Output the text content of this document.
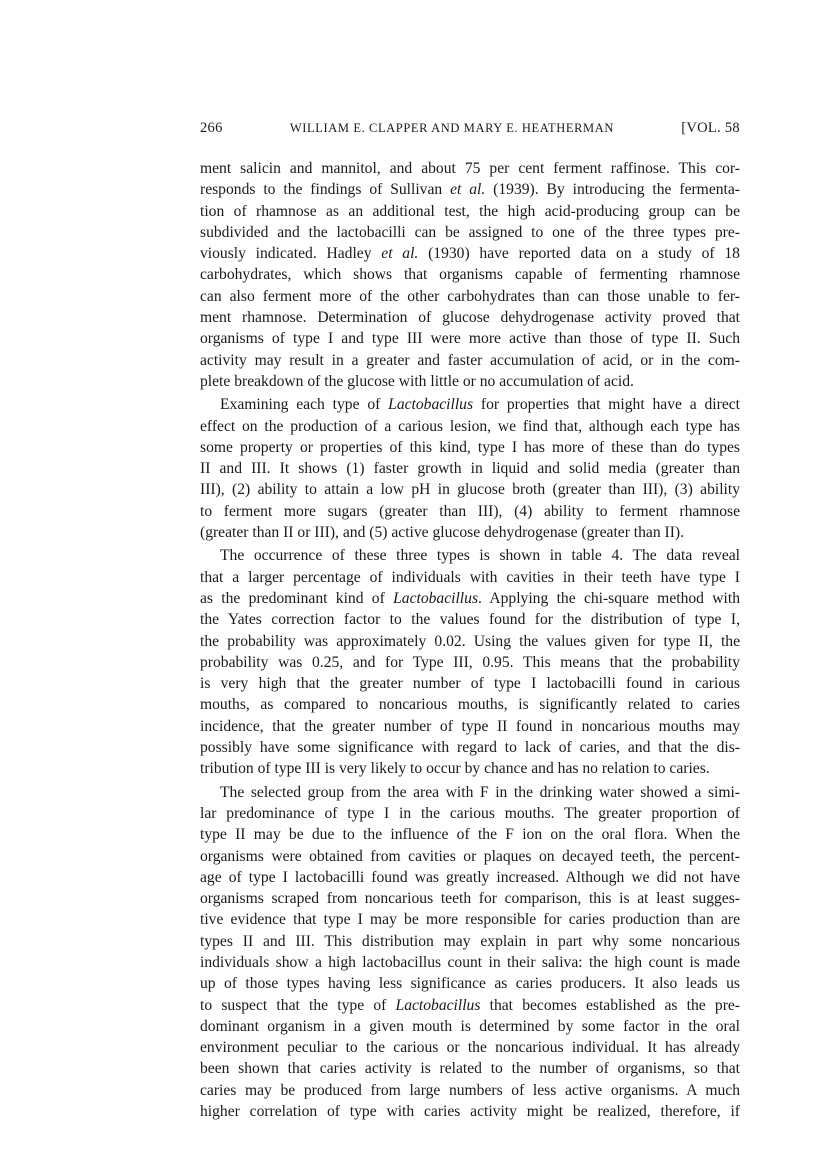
266	WILLIAM E. CLAPPER AND MARY E. HEATHERMAN	[VOL. 58

ment salicin and mannitol, and about 75 per cent ferment raffinose. This cor-
responds to the findings of Sullivan et al. (1939). By introducing the fermenta-
tion of rhamnose as an additional test, the high acid-producing group can be
subdivided and the lactobacilli can be assigned to one of the three types pre-
viously indicated. Hadley et al. (1930) have reported data on a study of 18
carbohydrates, which shows that organisms capable of fermenting rhamnose
can also ferment more of the other carbohydrates than can those unable to fer-
ment rhamnose. Determination of glucose dehydrogenase activity proved that
organisms of type I and type III were more active than those of type II. Such
activity may result in a greater and faster accumulation of acid, or in the com-
plete breakdown of the glucose with little or no accumulation of acid.

Examining each type of Lactobacillus for properties that might have a direct
effect on the production of a carious lesion, we find that, although each type has
some property or properties of this kind, type I has more of these than do types
II and III. It shows (1) faster growth in liquid and solid media (greater than
III), (2) ability to attain a low pH in glucose broth (greater than III), (3) ability
to ferment more sugars (greater than III), (4) ability to ferment rhamnose
(greater than II or III), and (5) active glucose dehydrogenase (greater than II).

The occurrence of these three types is shown in table 4. The data reveal
that a larger percentage of individuals with cavities in their teeth have type I
as the predominant kind of Lactobacillus. Applying the chi-square method with
the Yates correction factor to the values found for the distribution of type I,
the probability was approximately 0.02. Using the values given for type II, the
probability was 0.25, and for Type III, 0.95. This means that the probability
is very high that the greater number of type I lactobacilli found in carious
mouths, as compared to noncarious mouths, is significantly related to caries
incidence, that the greater number of type II found in noncarious mouths may
possibly have some significance with regard to lack of caries, and that the dis-
tribution of type III is very likely to occur by chance and has no relation to caries.

The selected group from the area with F in the drinking water showed a simi-
lar predominance of type I in the carious mouths. The greater proportion of
type II may be due to the influence of the F ion on the oral flora. When the
organisms were obtained from cavities or plaques on decayed teeth, the percent-
age of type I lactobacilli found was greatly increased. Although we did not have
organisms scraped from noncarious teeth for comparison, this is at least sugges-
tive evidence that type I may be more responsible for caries production than are
types II and III. This distribution may explain in part why some noncarious
individuals show a high lactobacillus count in their saliva: the high count is made
up of those types having less significance as caries producers. It also leads us
to suspect that the type of Lactobacillus that becomes established as the pre-
dominant organism in a given mouth is determined by some factor in the oral
environment peculiar to the carious or the noncarious individual. It has already
been shown that caries activity is related to the number of organisms, so that
caries may be produced from large numbers of less active organisms. A much
higher correlation of type with caries activity might be realized, therefore, if
